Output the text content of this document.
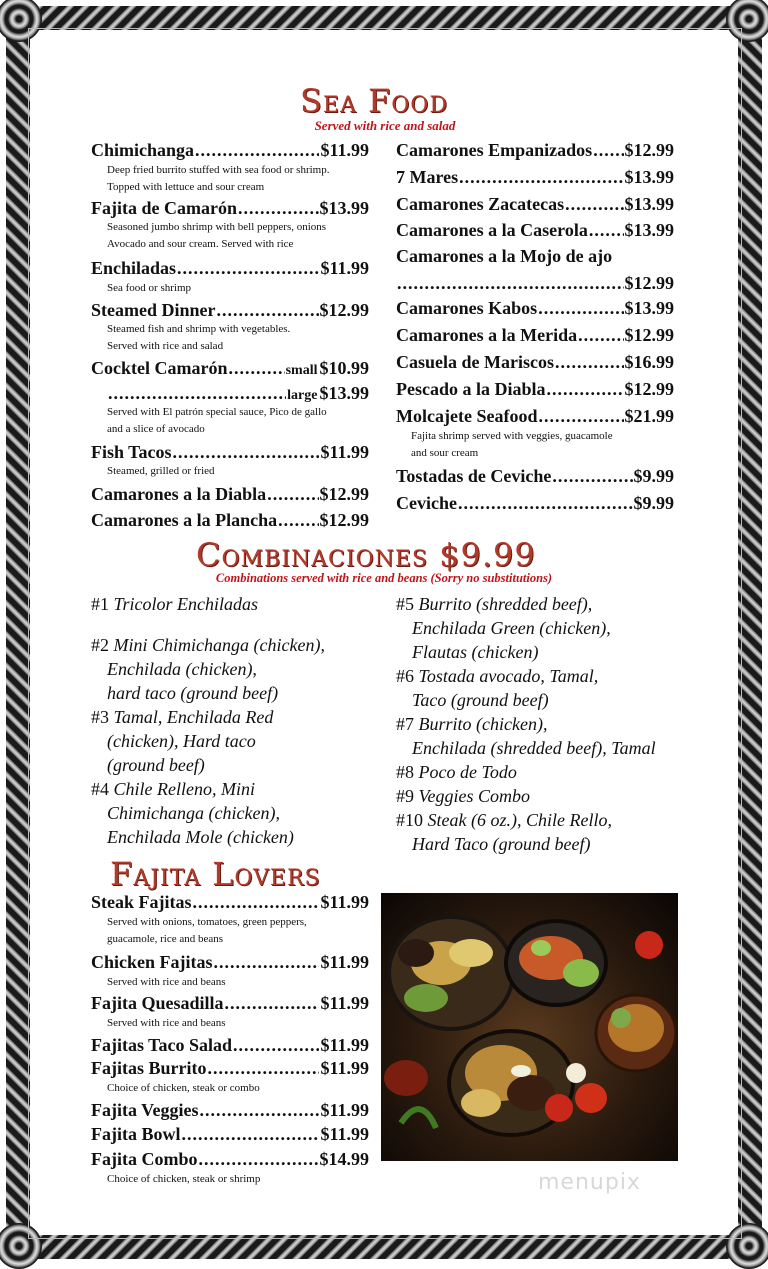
Sea Food
Served with rice and salad
Chimichanga .....	$11.99
Deep fried burrito stuffed with sea food or shrimp.
Topped with lettuce and sour cream
Fajita de Camarón .....	$13.99
Seasoned jumbo shrimp with bell peppers, onions
Avocado and sour cream. Served with rice
Enchiladas .....	$11.99
Sea food or shrimp
Steamed Dinner .....	$12.99
Steamed fish and shrimp with vegetables.
Served with rice and salad
Cocktel Camarón .....	small $10.99
.....
large $13.99
Served with El patrón special sauce, Pico de gallo
and a slice of avocado
Fish Tacos .....	$11.99
Steamed, grilled or fried
Camarones a la Diabla .....	$12.99
Camarones a la Plancha ..... $12.99
Camarones Empanizados ..... $12.99
7 Mares .....	$13.99
Camarones Zacatecas .....	$13.99
Camarones a la Caserola ..... $13.99
Camarones a la Mojo de ajo
.....
$12.99
Camarones Kabos .....	$13.99
Camarones a la Merida .....	$12.99
Casuela de Mariscos .....	$16.99
Pescado a la Diabla .....	$12.99
Molcajete Seafood .....	$21.99
Fajita shrimp served with veggies, guacamole
and sour cream
Tostadas de Ceviche .....	$9.99
Ceviche .....	$9.99
Combinaciones $9.99
Combinations served with rice and beans (Sorry no substitutions)
#1 Tricolor Enchiladas
#2 Mini Chimichanga (chicken),
Enchilada (chicken),
hard taco (ground beef)
#3 Tamal, Enchilada Red
(chicken), Hard taco
(ground beef)
#4 Chile Relleno, Mini
Chimichanga (chicken),
Enchilada Mole (chicken)
#5 Burrito (shredded beef),
Enchilada Green (chicken),
Flautas (chicken)
#6 Tostada avocado, Tamal,
Taco (ground beef)
#7 Burrito (chicken),
Enchilada (shredded beef), Tamal
#8 Poco de Todo
#9 Veggies Combo
#10 Steak (6 oz.), Chile Rello,
Hard Taco (ground beef)
Fajita Lovers
Steak Fajitas .....	$11.99
Served with onions, tomatoes, green peppers,
guacamole, rice and beans
Chicken Fajitas .....	$11.99
Served with rice and beans
Fajita Quesadilla .....	$11.99
Served with rice and beans
Fajitas Taco Salad .....	$11.99
Fajitas Burrito .....	$11.99
Choice of chicken, steak or combo
Fajita Veggies .....	$11.99
Fajita Bowl .....	$11.99
Fajita Combo .....	$14.99
Choice of chicken, steak or shrimp	menupix
